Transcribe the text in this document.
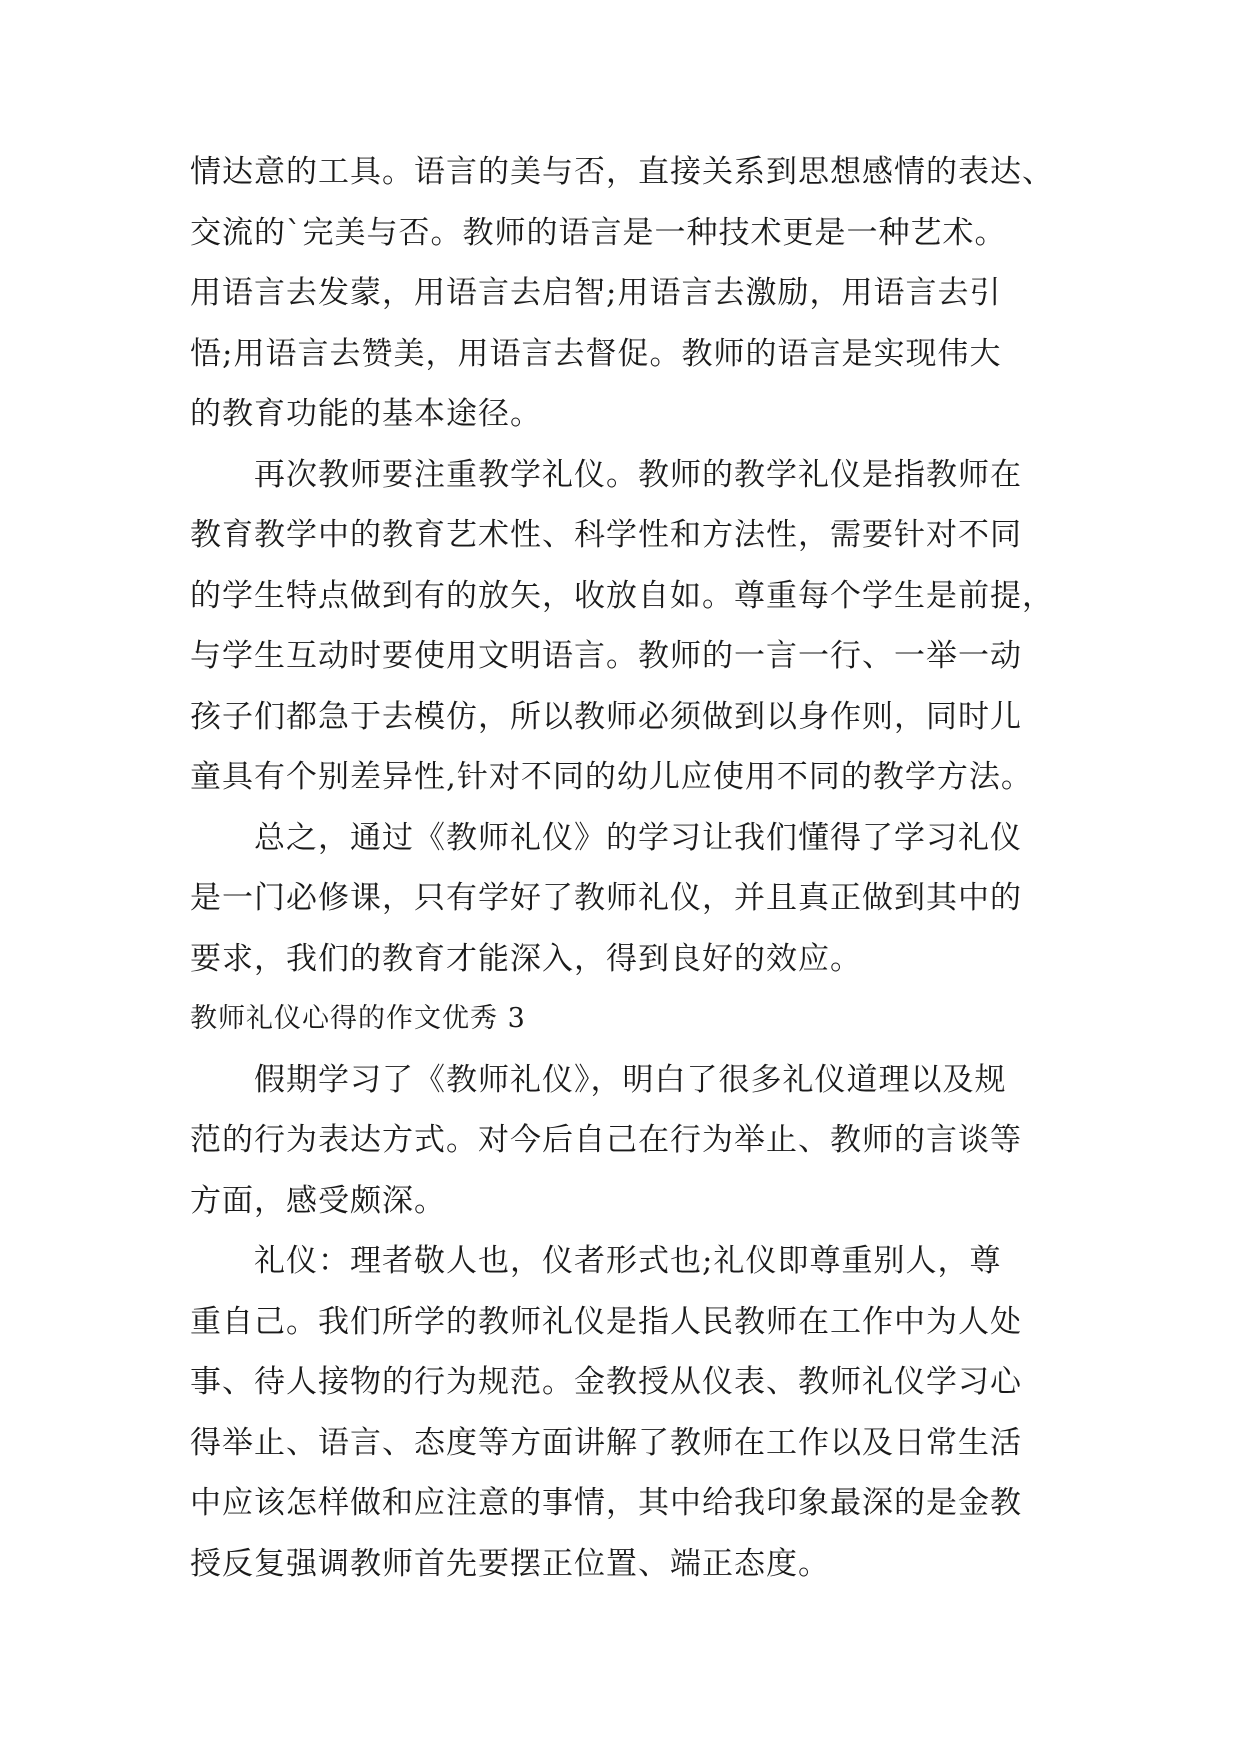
情达意的工具。语言的美与否，直接关系到思想感情的表达、
交流的`完美与否。教师的语言是一种技术更是一种艺术。
用语言去发蒙，用语言去启智;用语言去激励，用语言去引
悟;用语言去赞美，用语言去督促。教师的语言是实现伟大
的教育功能的基本途径。
再次教师要注重教学礼仪。教师的教学礼仪是指教师在
教育教学中的教育艺术性、科学性和方法性，需要针对不同
的学生特点做到有的放矢，收放自如。尊重每个学生是前提，
与学生互动时要使用文明语言。教师的一言一行、一举一动
孩子们都急于去模仿，所以教师必须做到以身作则，同时儿
童具有个别差异性,针对不同的幼儿应使用不同的教学方法。
总之，通过《教师礼仪》的学习让我们懂得了学习礼仪
是一门必修课，只有学好了教师礼仪，并且真正做到其中的
要求，我们的教育才能深入，得到良好的效应。
教师礼仪心得的作文优秀 3
假期学习了《教师礼仪》，明白了很多礼仪道理以及规
范的行为表达方式。对今后自己在行为举止、教师的言谈等
方面，感受颇深。
礼仪：理者敬人也，仪者形式也;礼仪即尊重别人，尊
重自己。我们所学的教师礼仪是指人民教师在工作中为人处
事、待人接物的行为规范。金教授从仪表、教师礼仪学习心
得举止、语言、态度等方面讲解了教师在工作以及日常生活
中应该怎样做和应注意的事情，其中给我印象最深的是金教
授反复强调教师首先要摆正位置、端正态度。
